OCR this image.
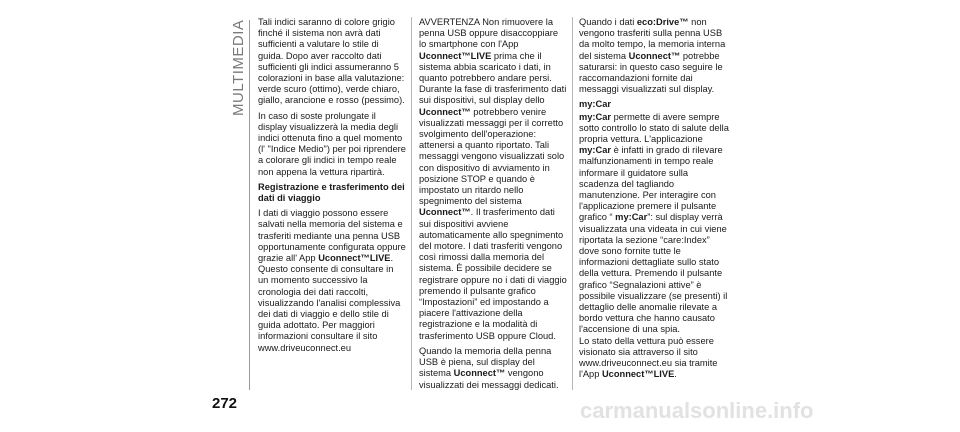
MULTIMEDIA Tali indici saranno di colore grigio finché il sistema non avrà dati sufficienti a valutare lo stile di guida. Dopo aver raccolto dati sufficienti gli indici assumeranno 5 colorazioni in base alla valutazione: verde scuro (ottimo), verde chiaro, giallo, arancione e rosso (pessimo).

In caso di soste prolungate il display visualizzerà la media degli indici ottenuta fino a quel momento (l' "Indice Medio") per poi riprendere a colorare gli indici in tempo reale non appena la vettura ripartirà.

Registrazione e trasferimento dei dati di viaggio

I dati di viaggio possono essere salvati nella memoria del sistema e trasferiti mediante una penna USB opportunamente configurata oppure grazie all' App Uconnect™LIVE.

Questo consente di consultare in un momento successivo la cronologia dei dati raccolti, visualizzando l'analisi complessiva dei dati di viaggio e dello stile di guida adottato. Per maggiori informazioni consultare il sito www.driveuconnect.eu

AVVERTENZA Non rimuovere la penna USB oppure disaccoppiare lo smartphone con l'App Uconnect™LIVE prima che il sistema abbia scaricato i dati, in quanto potrebbero andare persi. Durante la fase di trasferimento dati sui dispositivi, sul display dello Uconnect™ potrebbero venire visualizzati messaggi per il corretto svolgimento dell'operazione: attenersi a quanto riportato. Tali messaggi vengono visualizzati solo con dispositivo di avviamento in posizione STOP e quando è impostato un ritardo nello spegnimento del sistema Uconnect™. Il trasferimento dati sui dispositivi avviene automaticamente allo spegnimento del motore. I dati trasferiti vengono così rimossi dalla memoria del sistema. È possibile decidere se registrare oppure no i dati di viaggio premendo il pulsante grafico “Impostazioni” ed impostando a piacere l'attivazione della registrazione e la modalità di trasferimento USB oppure Cloud.

Quando la memoria della penna USB è piena, sul display del sistema Uconnect™ vengono visualizzati dei messaggi dedicati.

Quando i dati eco:Drive™ non vengono trasferiti sulla penna USB da molto tempo, la memoria interna del sistema Uconnect™ potrebbe saturarsi: in questo caso seguire le raccomandazioni fornite dai messaggi visualizzati sul display.

my:Car

my:Car permette di avere sempre sotto controllo lo stato di salute della propria vettura. L'applicazione my:Car è infatti in grado di rilevare malfunzionamenti in tempo reale informare il guidatore sulla scadenza del tagliando manutenzione. Per interagire con l'applicazione premere il pulsante grafico “ my:Car”: sul display verrà visualizzata una videata in cui viene riportata la sezione “care:Index” dove sono fornite tutte le informazioni dettagliate sullo stato della vettura. Premendo il pulsante grafico “Segnalazioni attive” è possibile visualizzare (se presenti) il dettaglio delle anomalie rilevate a bordo vettura che hanno causato l'accensione di una spia.

Lo stato della vettura può essere visionato sia attraverso il sito www.driveuconnect.eu sia tramite l'App Uconnect™LIVE.

272	carmanualsonline.info
